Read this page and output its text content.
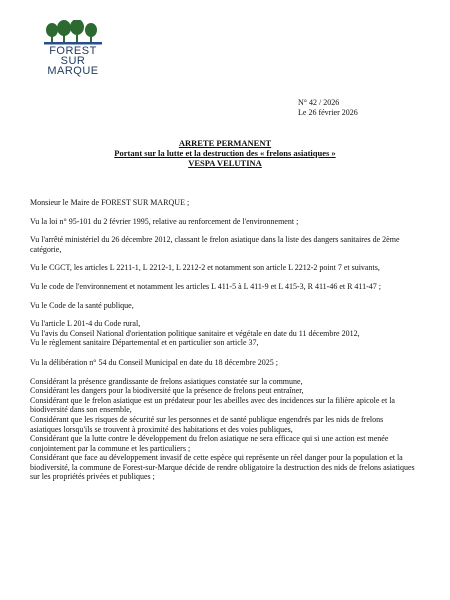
FOREST
SUR
MARQUE
N° 42 / 2026
Le 26 février 2026
ARRETE PERMANENT
Portant sur la lutte et la destruction des « frelons asiatiques »
VESPA VELUTINA

Monsieur le Maire de FOREST SUR MARQUE ;

Vu la loi n° 95-101 du 2 février 1995, relative au renforcement de l'environnement ;

Vu l'arrêté ministériel du 26 décembre 2012, classant le frelon asiatique dans la liste des dangers sanitaires de 2ème catégorie,

Vu le CGCT, les articles L 2211-1, L 2212-1, L 2212-2 et notamment son article L 2212-2 point 7 et suivants,

Vu le code de l'environnement et notamment les articles L 411-5 à L 411-9 et L 415-3, R 411-46 et R 411-47 ;

Vu le Code de la santé publique,

Vu l'article L 201-4 du Code rural,
Vu l'avis du Conseil National d'orientation politique sanitaire et végétale en date du 11 décembre 2012,
Vu le règlement sanitaire Départemental et en particulier son article 37,

Vu la délibération n° 54 du Conseil Municipal en date du 18 décembre 2025 ;

Considérant la présence grandissante de frelons asiatiques constatée sur la commune,
Considérant les dangers pour la biodiversité que la présence de frelons peut entraîner,
Considérant que le frelon asiatique est un prédateur pour les abeilles avec des incidences sur la filière apicole et la biodiversité dans son ensemble,
Considérant que les risques de sécurité sur les personnes et de santé publique engendrés par les nids de frelons asiatiques lorsqu'ils se trouvent à proximité des habitations et des voies publiques,
Considérant que la lutte contre le développement du frelon asiatique ne sera efficace qui si une action est menée conjointement par la commune et les particuliers ;
Considérant que face au développement invasif de cette espèce qui représente un réel danger pour la population et la biodiversité, la commune de Forest-sur-Marque décide de rendre obligatoire la destruction des nids de frelons asiatiques sur les propriétés privées et publiques ;
